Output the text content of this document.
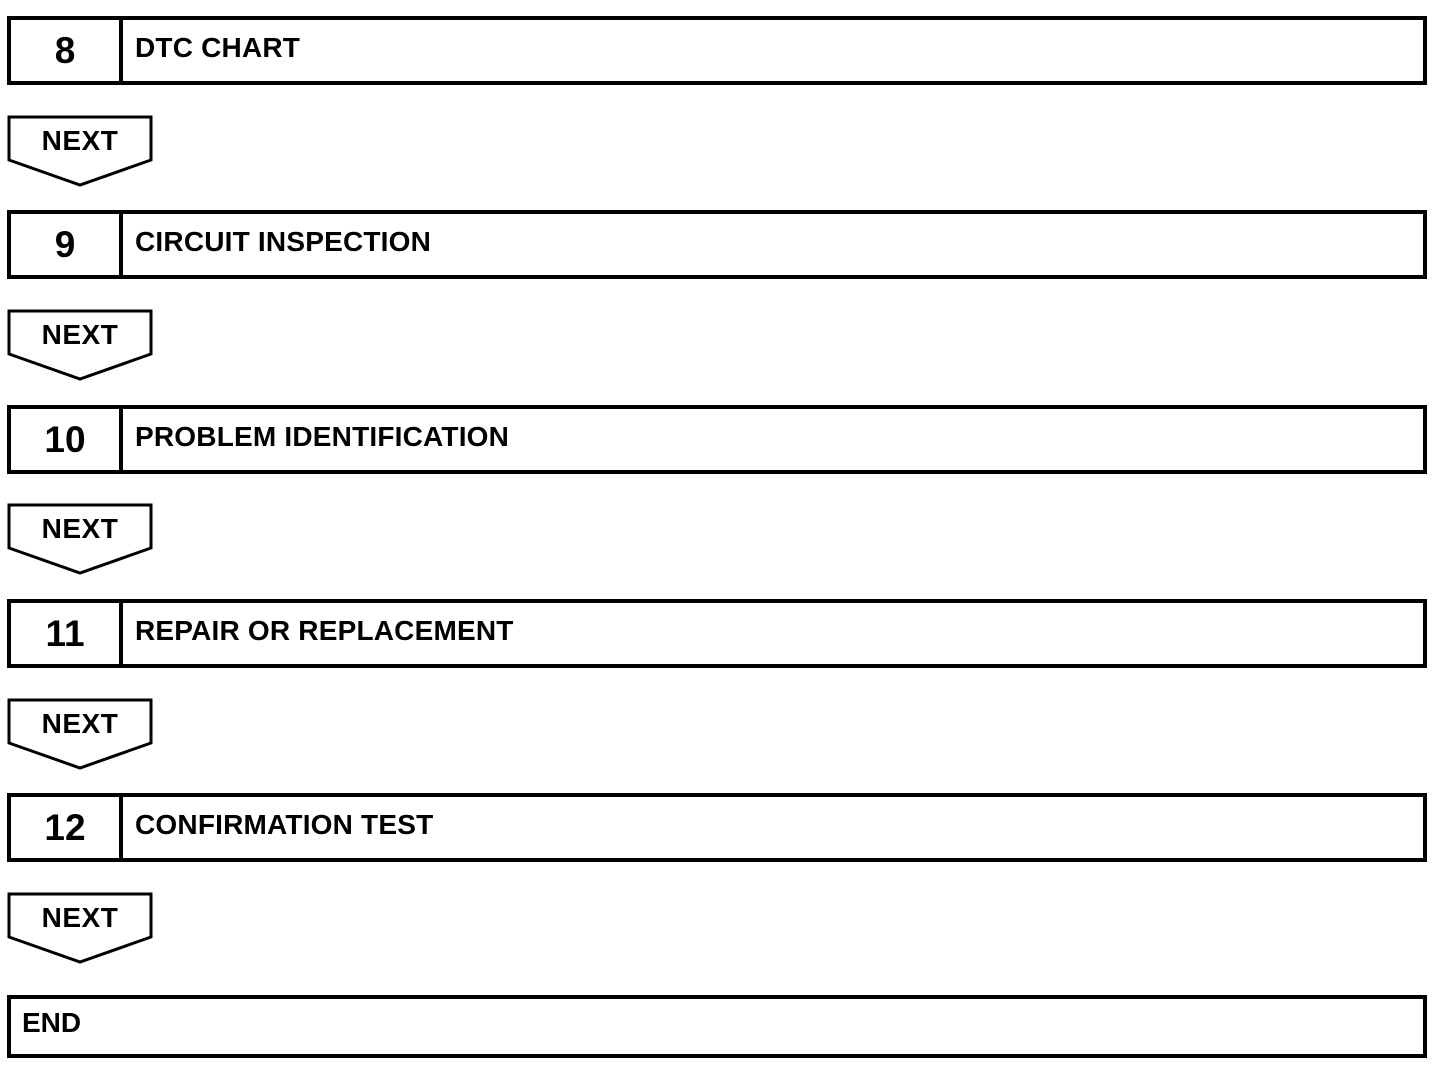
8	DTC CHART
NEXT
9	CIRCUIT INSPECTION
NEXT
10	PROBLEM IDENTIFICATION
NEXT
11	REPAIR OR REPLACEMENT
NEXT
12	CONFIRMATION TEST
NEXT
END
